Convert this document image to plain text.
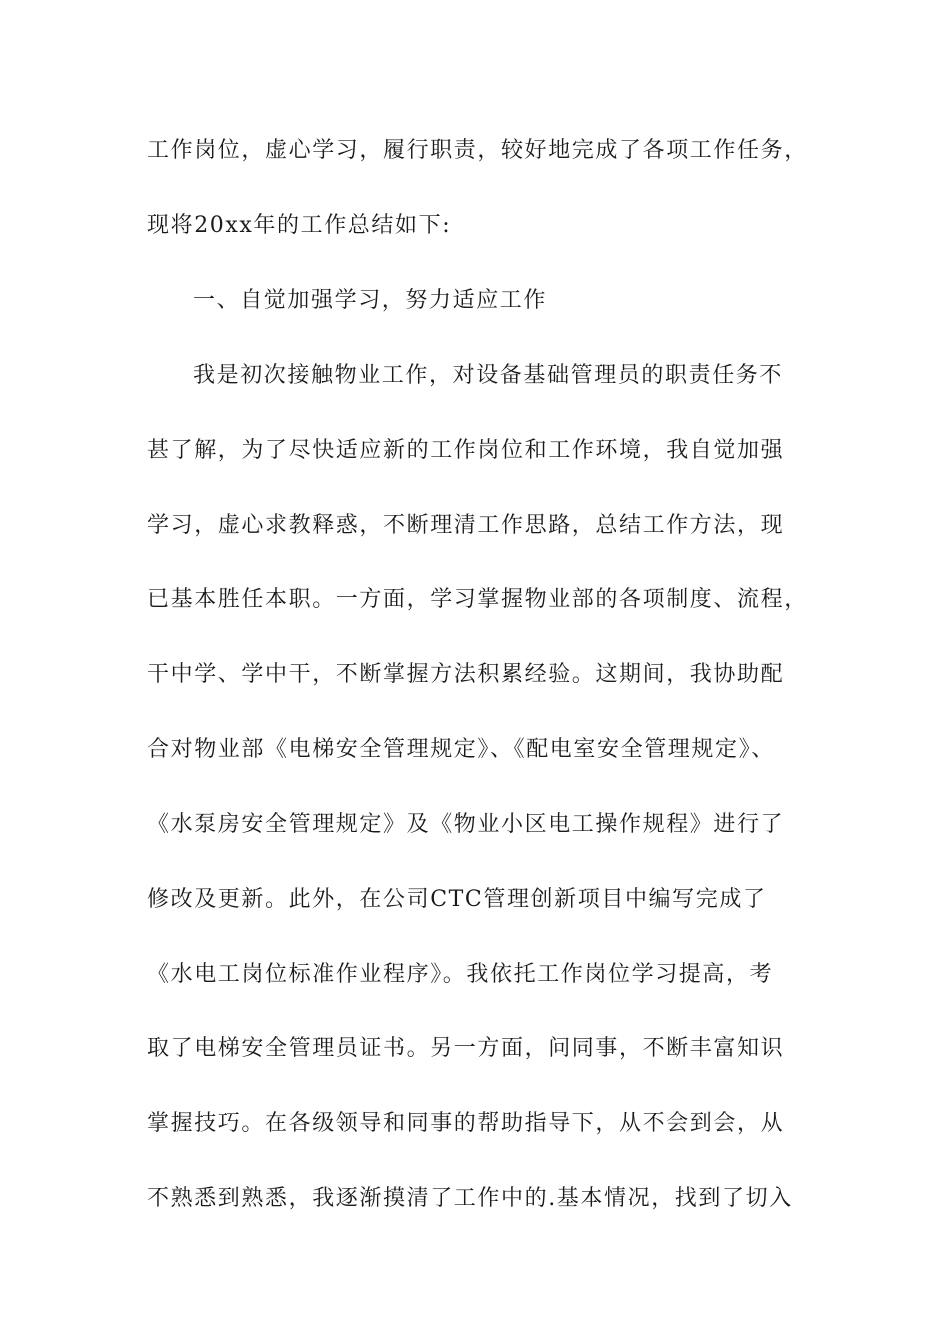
工作岗位，虚心学习，履行职责，较好地完成了各项工作任务，
现将20xx年的工作总结如下:
一、自觉加强学习，努力适应工作
我是初次接触物业工作，对设备基础管理员的职责任务不
甚了解，为了尽快适应新的工作岗位和工作环境，我自觉加强
学习，虚心求教释惑，不断理清工作思路，总结工作方法，现
已基本胜任本职。一方面，学习掌握物业部的各项制度、流程，
干中学、学中干，不断掌握方法积累经验。这期间，我协助配
合对物业部《电梯安全管理规定》、《配电室安全管理规定》、
《水泵房安全管理规定》及《物业小区电工操作规程》进行了
修改及更新。此外，在公司CTC管理创新项目中编写完成了
《水电工岗位标准作业程序》。我依托工作岗位学习提高，考
取了电梯安全管理员证书。另一方面，问同事，不断丰富知识
掌握技巧。在各级领导和同事的帮助指导下，从不会到会，从
不熟悉到熟悉，我逐渐摸清了工作中的.基本情况，找到了切入
